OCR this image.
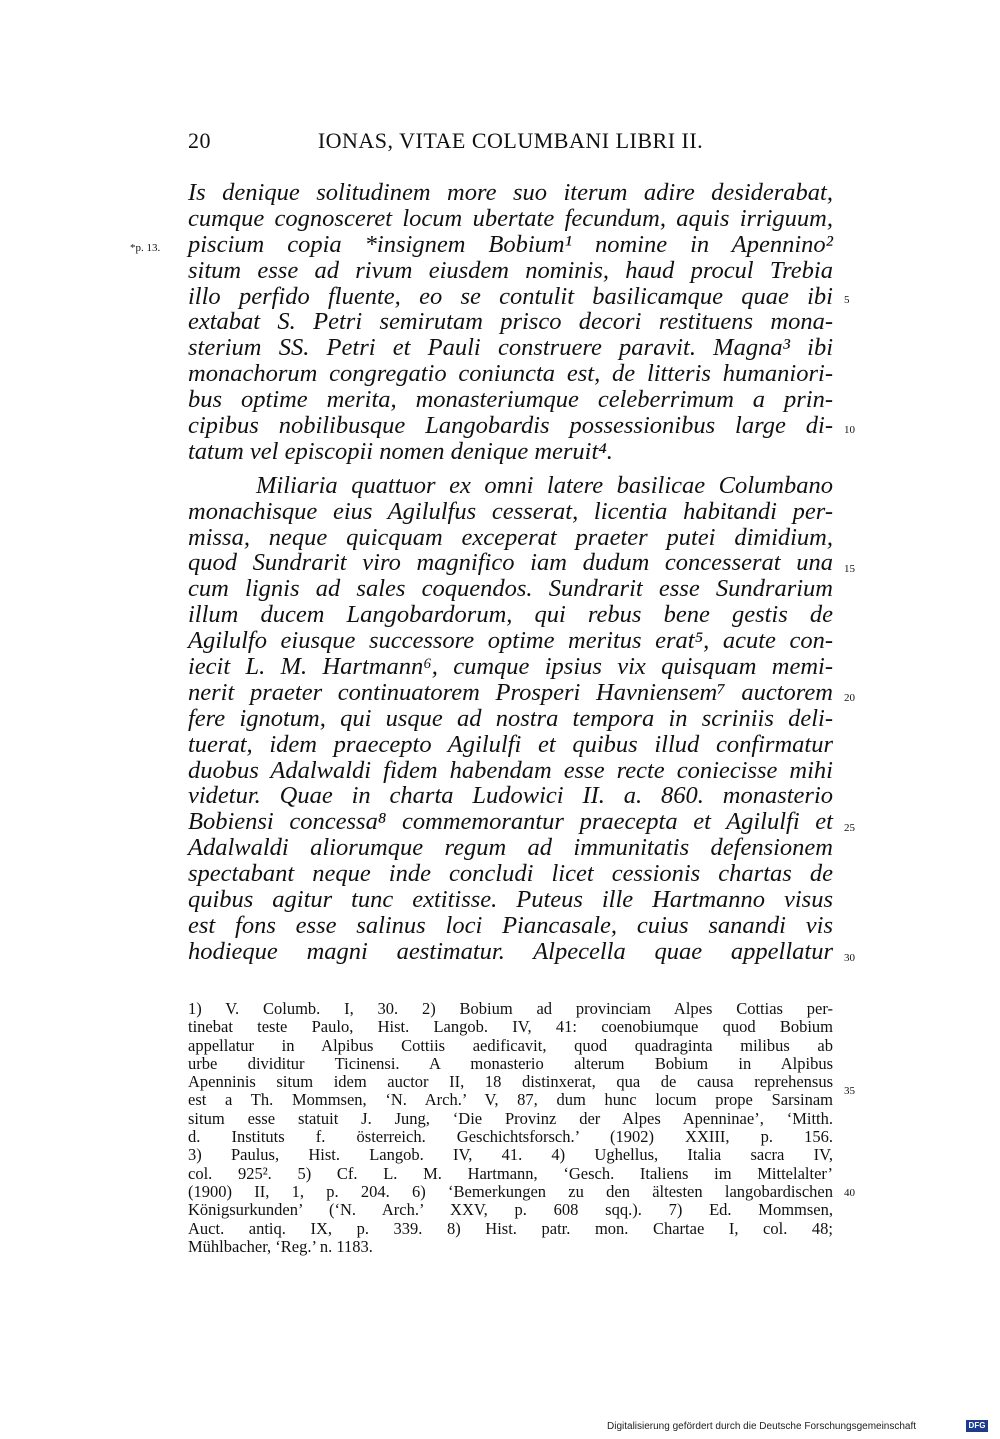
20	IONAS, VITAE COLUMBANI LIBRI II.
*p. 13.
Is denique solitudinem more suo iterum adire desiderabat,
cumque cognosceret locum ubertate fecundum, aquis irriguum,
piscium copia *insignem Bobium¹ nomine in Apennino²
situm esse ad rivum eiusdem nominis, haud procul Trebia
illo perfido fluente, eo se contulit basilicamque quae ibi
extabat S. Petri semirutam prisco decori restituens mona-
sterium SS. Petri et Pauli construere paravit. Magna³ ibi
monachorum congregatio coniuncta est, de litteris humaniori-
bus optime merita, monasteriumque celeberrimum a prin-
cipibus nobilibusque Langobardis possessionibus large di-
tatum vel episcopii nomen denique meruit⁴.
Miliaria quattuor ex omni latere basilicae Columbano
monachisque eius Agilulfus cesserat, licentia habitandi per-
missa, neque quicquam exceperat praeter putei dimidium,
quod Sundrarit viro magnifico iam dudum concesserat una
cum lignis ad sales coquendos. Sundrarit esse Sundrarium
illum ducem Langobardorum, qui rebus bene gestis de
Agilulfo eiusque successore optime meritus erat⁵, acute con-
iecit L. M. Hartmann⁶, cumque ipsius vix quisquam memi-
nerit praeter continuatorem Prosperi Havniensem⁷ auctorem
fere ignotum, qui usque ad nostra tempora in scriniis deli-
tuerat, idem praecepto Agilulfi et quibus illud confirmatur
duobus Adalwaldi fidem habendam esse recte coniecisse mihi
videtur. Quae in charta Ludowici II. a. 860. monasterio
Bobiensi concessa⁸ commemorantur praecepta et Agilulfi et
Adalwaldi aliorumque regum ad immunitatis defensionem
spectabant neque inde concludi licet cessionis chartas de
quibus agitur tunc extitisse. Puteus ille Hartmanno visus
est fons esse salinus loci Piancasale, cuius sanandi vis
hodieque magni aestimatur. Alpecella quae appellatur
5
10
15
20
25
30
1) V. Columb. I, 30. 2) Bobium ad provinciam Alpes Cottias per-
tinebat teste Paulo, Hist. Langob. IV, 41: coenobiumque quod Bobium
appellatur in Alpibus Cottiis aedificavit, quod quadraginta milibus ab
urbe dividitur Ticinensi. A monasterio alterum Bobium in Alpibus
Apenninis situm idem auctor II, 18 distinxerat, qua de causa reprehensus
est a Th. Mommsen, ‘N. Arch.’ V, 87, dum hunc locum prope Sarsinam
situm esse statuit J. Jung, ‘Die Provinz der Alpes Apenninae’, ‘Mitth.
d. Instituts f. österreich. Geschichtsforsch.’ (1902) XXIII, p. 156.
3) Paulus, Hist. Langob. IV, 41. 4) Ughellus, Italia sacra IV,
col. 925². 5) Cf. L. M. Hartmann, ‘Gesch. Italiens im Mittelalter’
(1900) II, 1, p. 204. 6) ‘Bemerkungen zu den ältesten langobardischen
Königsurkunden’ (‘N. Arch.’ XXV, p. 608 sqq.). 7) Ed. Mommsen,
Auct. antiq. IX, p. 339. 8) Hist. patr. mon. Chartae I, col. 48;
Mühlbacher, ‘Reg.’ n. 1183.
35
40
Digitalisierung gefördert durch die Deutsche Forschungsgemeinschaft	DFG
